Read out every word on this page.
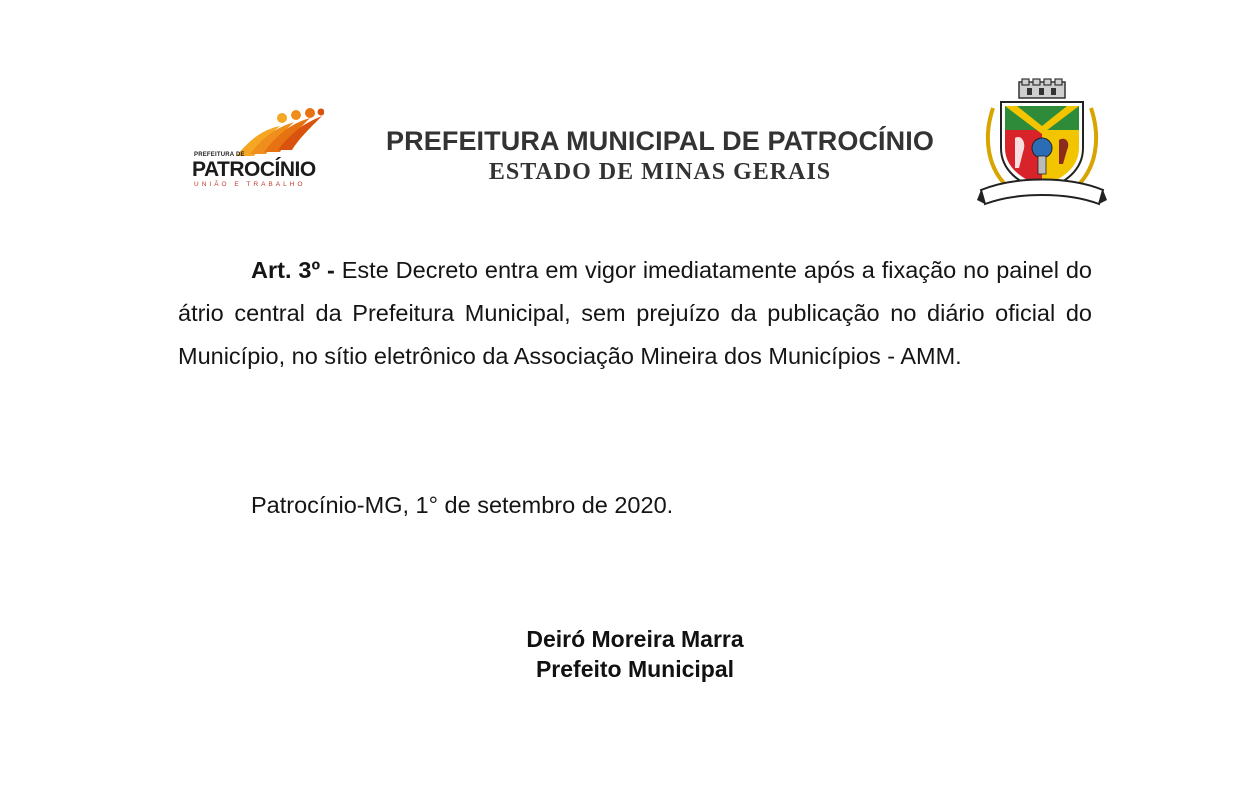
PREFEITURA DE
PATROCÍNIO
UNIÃO E TRABALHO
PREFEITURA MUNICIPAL DE PATROCÍNIO
ESTADO DE MINAS GERAIS
Art. 3º - Este Decreto entra em vigor imediatamente após a fixação no painel do átrio central da Prefeitura Municipal, sem prejuízo da publicação no diário oficial do Município, no sítio eletrônico da Associação Mineira dos Municípios - AMM.
Patrocínio-MG, 1° de setembro de 2020.
Deiró Moreira Marra
Prefeito Municipal
